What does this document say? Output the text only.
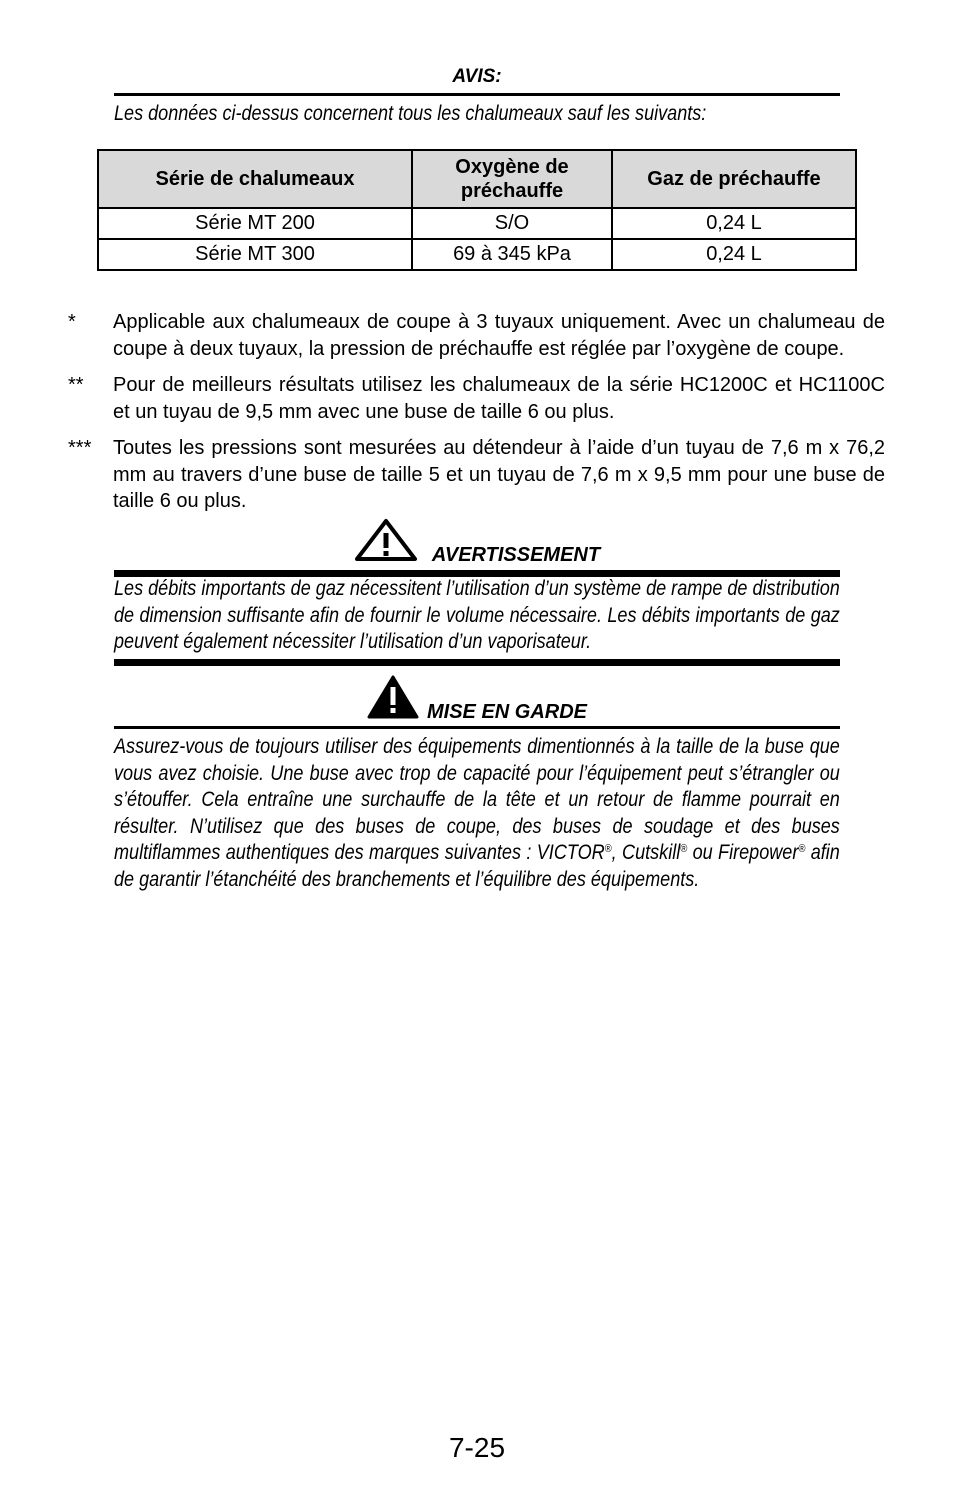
AVIS:
Les données ci-dessus concernent tous les chalumeaux sauf les suivants:
Série de chalumeaux	Oxygène de préchauffe	Gaz de préchauffe
Série MT 200	S/O	0,24 L
Série MT 300	69 à 345 kPa	0,24 L
* Applicable aux chalumeaux de coupe à 3 tuyaux uniquement. Avec un chalumeau de coupe à deux tuyaux, la pression de préchauffe est réglée par l’oxygène de coupe.
** Pour de meilleurs résultats utilisez les chalumeaux de la série HC1200C et HC1100C et un tuyau de 9,5 mm avec une buse de taille 6 ou plus.
*** Toutes les pressions sont mesurées au détendeur à l’aide d’un tuyau de 7,6 m x 76,2 mm au travers d’une buse de taille 5 et un tuyau de 7,6 m x 9,5 mm pour une buse de taille 6 ou plus.
AVERTISSEMENT
Les débits importants de gaz nécessitent l’utilisation d’un système de rampe de distribution de dimension suffisante afin de fournir le volume nécessaire. Les débits importants de gaz peuvent également nécessiter l’utilisation d’un vaporisateur.
MISE EN GARDE
Assurez-vous de toujours utiliser des équipements dimentionnés à la taille de la buse que vous avez choisie. Une buse avec trop de capacité pour l’équipement peut s’étrangler ou s’étouffer. Cela entraîne une surchauffe de la tête et un retour de flamme pourrait en résulter. N’utilisez que des buses de coupe, des buses de soudage et des buses multiflammes authentiques des marques suivantes : VICTOR®, Cutskill® ou Firepower® afin de garantir l’étanchéité des branchements et l’équilibre des équipements.
7-25
